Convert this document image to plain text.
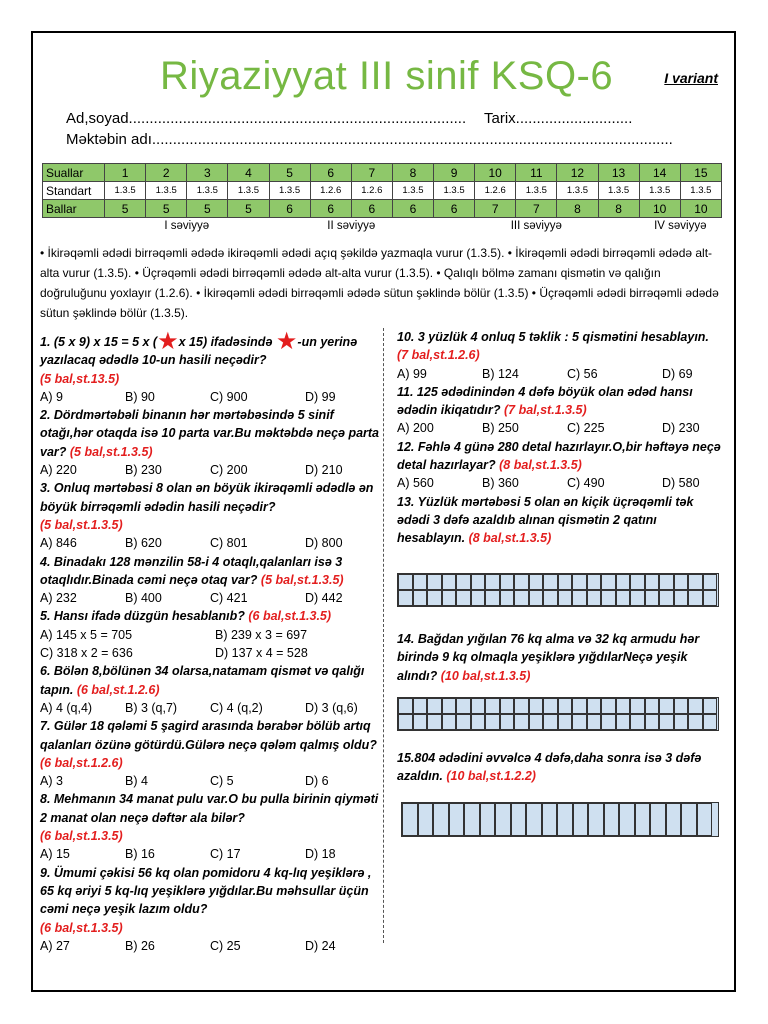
Riyaziyyat III sinif KSQ-6	I variant
Ad,soyad................................................................................. Tarix............................
Məktəbin adı.............................................................................................................................
Suallar	1	2	3	4	5	6	7	8	9	10	11	12	13	14	15
Standart	1.3.5	1.3.5	1.3.5	1.3.5	1.3.5	1.2.6	1.2.6	1.3.5	1.3.5	1.2.6	1.3.5	1.3.5	1.3.5	1.3.5	1.3.5
Ballar	5	5	5	5	6	6	6	6	6	7	7	8	8	10	10
	I səviyyə				II səviyyə				III səviyyə					IV səviyyə	
• İkirəqəmli ədədi birrəqəmli ədədə ikirəqəmli ədədi açıq şəkildə yazmaqla vurur (1.3.5). • İkirəqəmli ədədi birrəqəmli ədədə alt-alta vurur (1.3.5). • Üçrəqəmli ədədi birrəqəmli ədədə alt-alta vurur (1.3.5). • Qalıqlı bölmə zamanı qismətin və qalığın doğruluğunu yoxlayır (1.2.6). • İkirəqəmli ədədi birrəqəmli ədədə sütun şəklində bölür (1.3.5) • Üçrəqəmli ədədi birrəqəmli ədədə sütun şəklində bölür (1.3.5).
1. (5 x 9) x 15 = 5 x (★x 15) ifadəsində ★-un yerinə yazılacaq ədədlə 10-un hasili neçədir?
(5 bal,st.13.5)
A) 9	B) 90	C) 900	D) 99
2. Dördmərtəbəli binanın hər mərtəbəsində 5 sinif otağı,hər otaqda isə 10 parta var.Bu məktəbdə neçə parta var? (5 bal,st.1.3.5)
A) 220	B) 230	C) 200	D) 210
3. Onluq mərtəbəsi 8 olan ən böyük ikirəqəmli ədədlə ən böyük birrəqəmli ədədin hasili neçədir?
(5 bal,st.1.3.5)
A) 846	B) 620	C) 801	D) 800
4. Binadakı 128 mənzilin 58-i 4 otaqlı,qalanları isə 3 otaqlıdır.Binada cəmi neçə otaq var? (5 bal,st.1.3.5)
A) 232	B) 400	C) 421	D) 442
5. Hansı ifadə düzgün hesablanıb? (6 bal,st.1.3.5)
A) 145 x 5 = 705	B) 239 x 3 = 697
C) 318 x 2 = 636	D) 137 x 4 = 528
6. Bölən 8,bölünən 34 olarsa,natamam qismət və qalığı tapın. (6 bal,st.1.2.6)
A) 4 (q,4)	B) 3 (q,7)	C) 4 (q,2)	D) 3 (q,6)
7. Gülər 18 qələmi 5 şagird arasında bərabər bölüb artıq qalanları özünə götürdü.Gülərə neçə qələm qalmış oldu? (6 bal,st.1.2.6)
A) 3	B) 4	C) 5	D) 6
8. Mehmanın 34 manat pulu var.O bu pulla birinin qiyməti 2 manat olan neçə dəftər ala bilər?
(6 bal,st.1.3.5)
A) 15	B) 16	C) 17	D) 18
9. Ümumi çəkisi 56 kq olan pomidoru 4 kq-lıq yeşiklərə , 65 kq əriyi 5 kq-lıq yeşiklərə yığdılar.Bu məhsullar üçün cəmi neçə yeşik lazım oldu?
(6 bal,st.1.3.5)
A) 27	B) 26	C) 25	D) 24
10. 3 yüzlük 4 onluq 5 təklik : 5 qismətini hesablayın.
(7 bal,st.1.2.6)
A) 99	B) 124	C) 56	D) 69
11. 125 ədədinindən 4 dəfə böyük olan ədəd hansı ədədin ikiqatıdır? (7 bal,st.1.3.5)
A) 200	B) 250	C) 225	D) 230
12. Fəhlə 4 günə 280 detal hazırlayır.O,bir həftəyə neçə detal hazırlayar? (8 bal,st.1.3.5)
A) 560	B) 360	C) 490	D) 580
13. Yüzlük mərtəbəsi 5 olan ən kiçik üçrəqəmli tək ədədi 3 dəfə azaldıb alınan qismətin 2 qatını hesablayın. (8 bal,st.1.3.5)
14. Bağdan yığılan 76 kq alma və 32 kq armudu hər birində 9 kq olmaqla yeşiklərə yığdılarNeçə yeşik alındı? (10 bal,st.1.3.5)
15.804 ədədini əvvəlcə 4 dəfə,daha sonra isə 3 dəfə azaldın. (10 bal,st.1.2.2)
